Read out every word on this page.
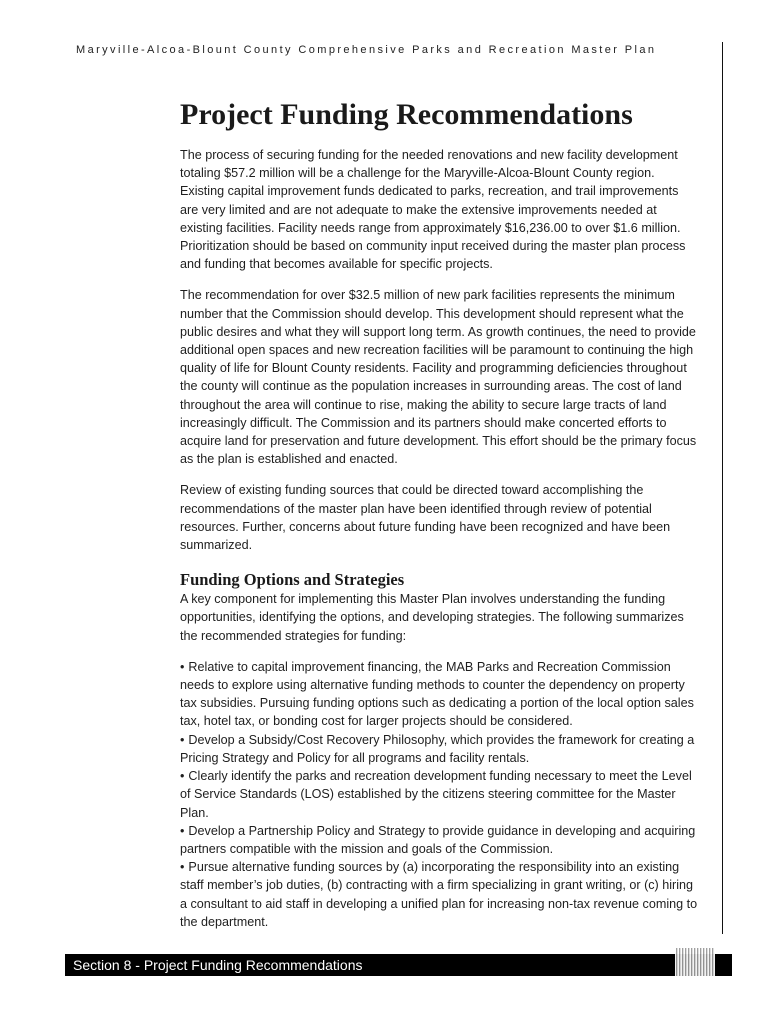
Maryville-Alcoa-Blount County Comprehensive Parks and Recreation Master Plan
Project Funding Recommendations

The process of securing funding for the needed renovations and new facility development totaling $57.2 million will be a challenge for the Maryville-Alcoa-Blount County region. Existing capital improvement funds dedicated to parks, recreation, and trail improvements are very limited and are not adequate to make the extensive improvements needed at existing facilities. Facility needs range from approximately $16,236.00 to over $1.6 million. Prioritization should be based on community input received during the master plan process and funding that becomes available for specific projects.

The recommendation for over $32.5 million of new park facilities represents the minimum number that the Commission should develop. This development should represent what the public desires and what they will support long term. As growth continues, the need to provide additional open spaces and new recreation facilities will be paramount to continuing the high quality of life for Blount County residents. Facility and programming deficiencies throughout the county will continue as the population increases in surrounding areas. The cost of land throughout the area will continue to rise, making the ability to secure large tracts of land increasingly difficult. The Commission and its partners should make concerted efforts to acquire land for preservation and future development. This effort should be the primary focus as the plan is established and enacted.

Review of existing funding sources that could be directed toward accomplishing the recommendations of the master plan have been identified through review of potential resources. Further, concerns about future funding have been recognized and have been summarized.

Funding Options and Strategies

A key component for implementing this Master Plan involves understanding the funding opportunities, identifying the options, and developing strategies. The following summarizes the recommended strategies for funding:

• Relative to capital improvement financing, the MAB Parks and Recreation Commission needs to explore using alternative funding methods to counter the dependency on property tax subsidies. Pursuing funding options such as dedicating a portion of the local option sales tax, hotel tax, or bonding cost for larger projects should be considered.
• Develop a Subsidy/Cost Recovery Philosophy, which provides the framework for creating a Pricing Strategy and Policy for all programs and facility rentals.
• Clearly identify the parks and recreation development funding necessary to meet the Level of Service Standards (LOS) established by the citizens steering committee for the Master Plan.
• Develop a Partnership Policy and Strategy to provide guidance in developing and acquiring partners compatible with the mission and goals of the Commission.
• Pursue alternative funding sources by (a) incorporating the responsibility into an existing staff member’s job duties, (b) contracting with a firm specializing in grant writing, or (c) hiring a consultant to aid staff in developing a unified plan for increasing non-tax revenue coming to the department.
Section 8 - Project Funding Recommendations	8.1
